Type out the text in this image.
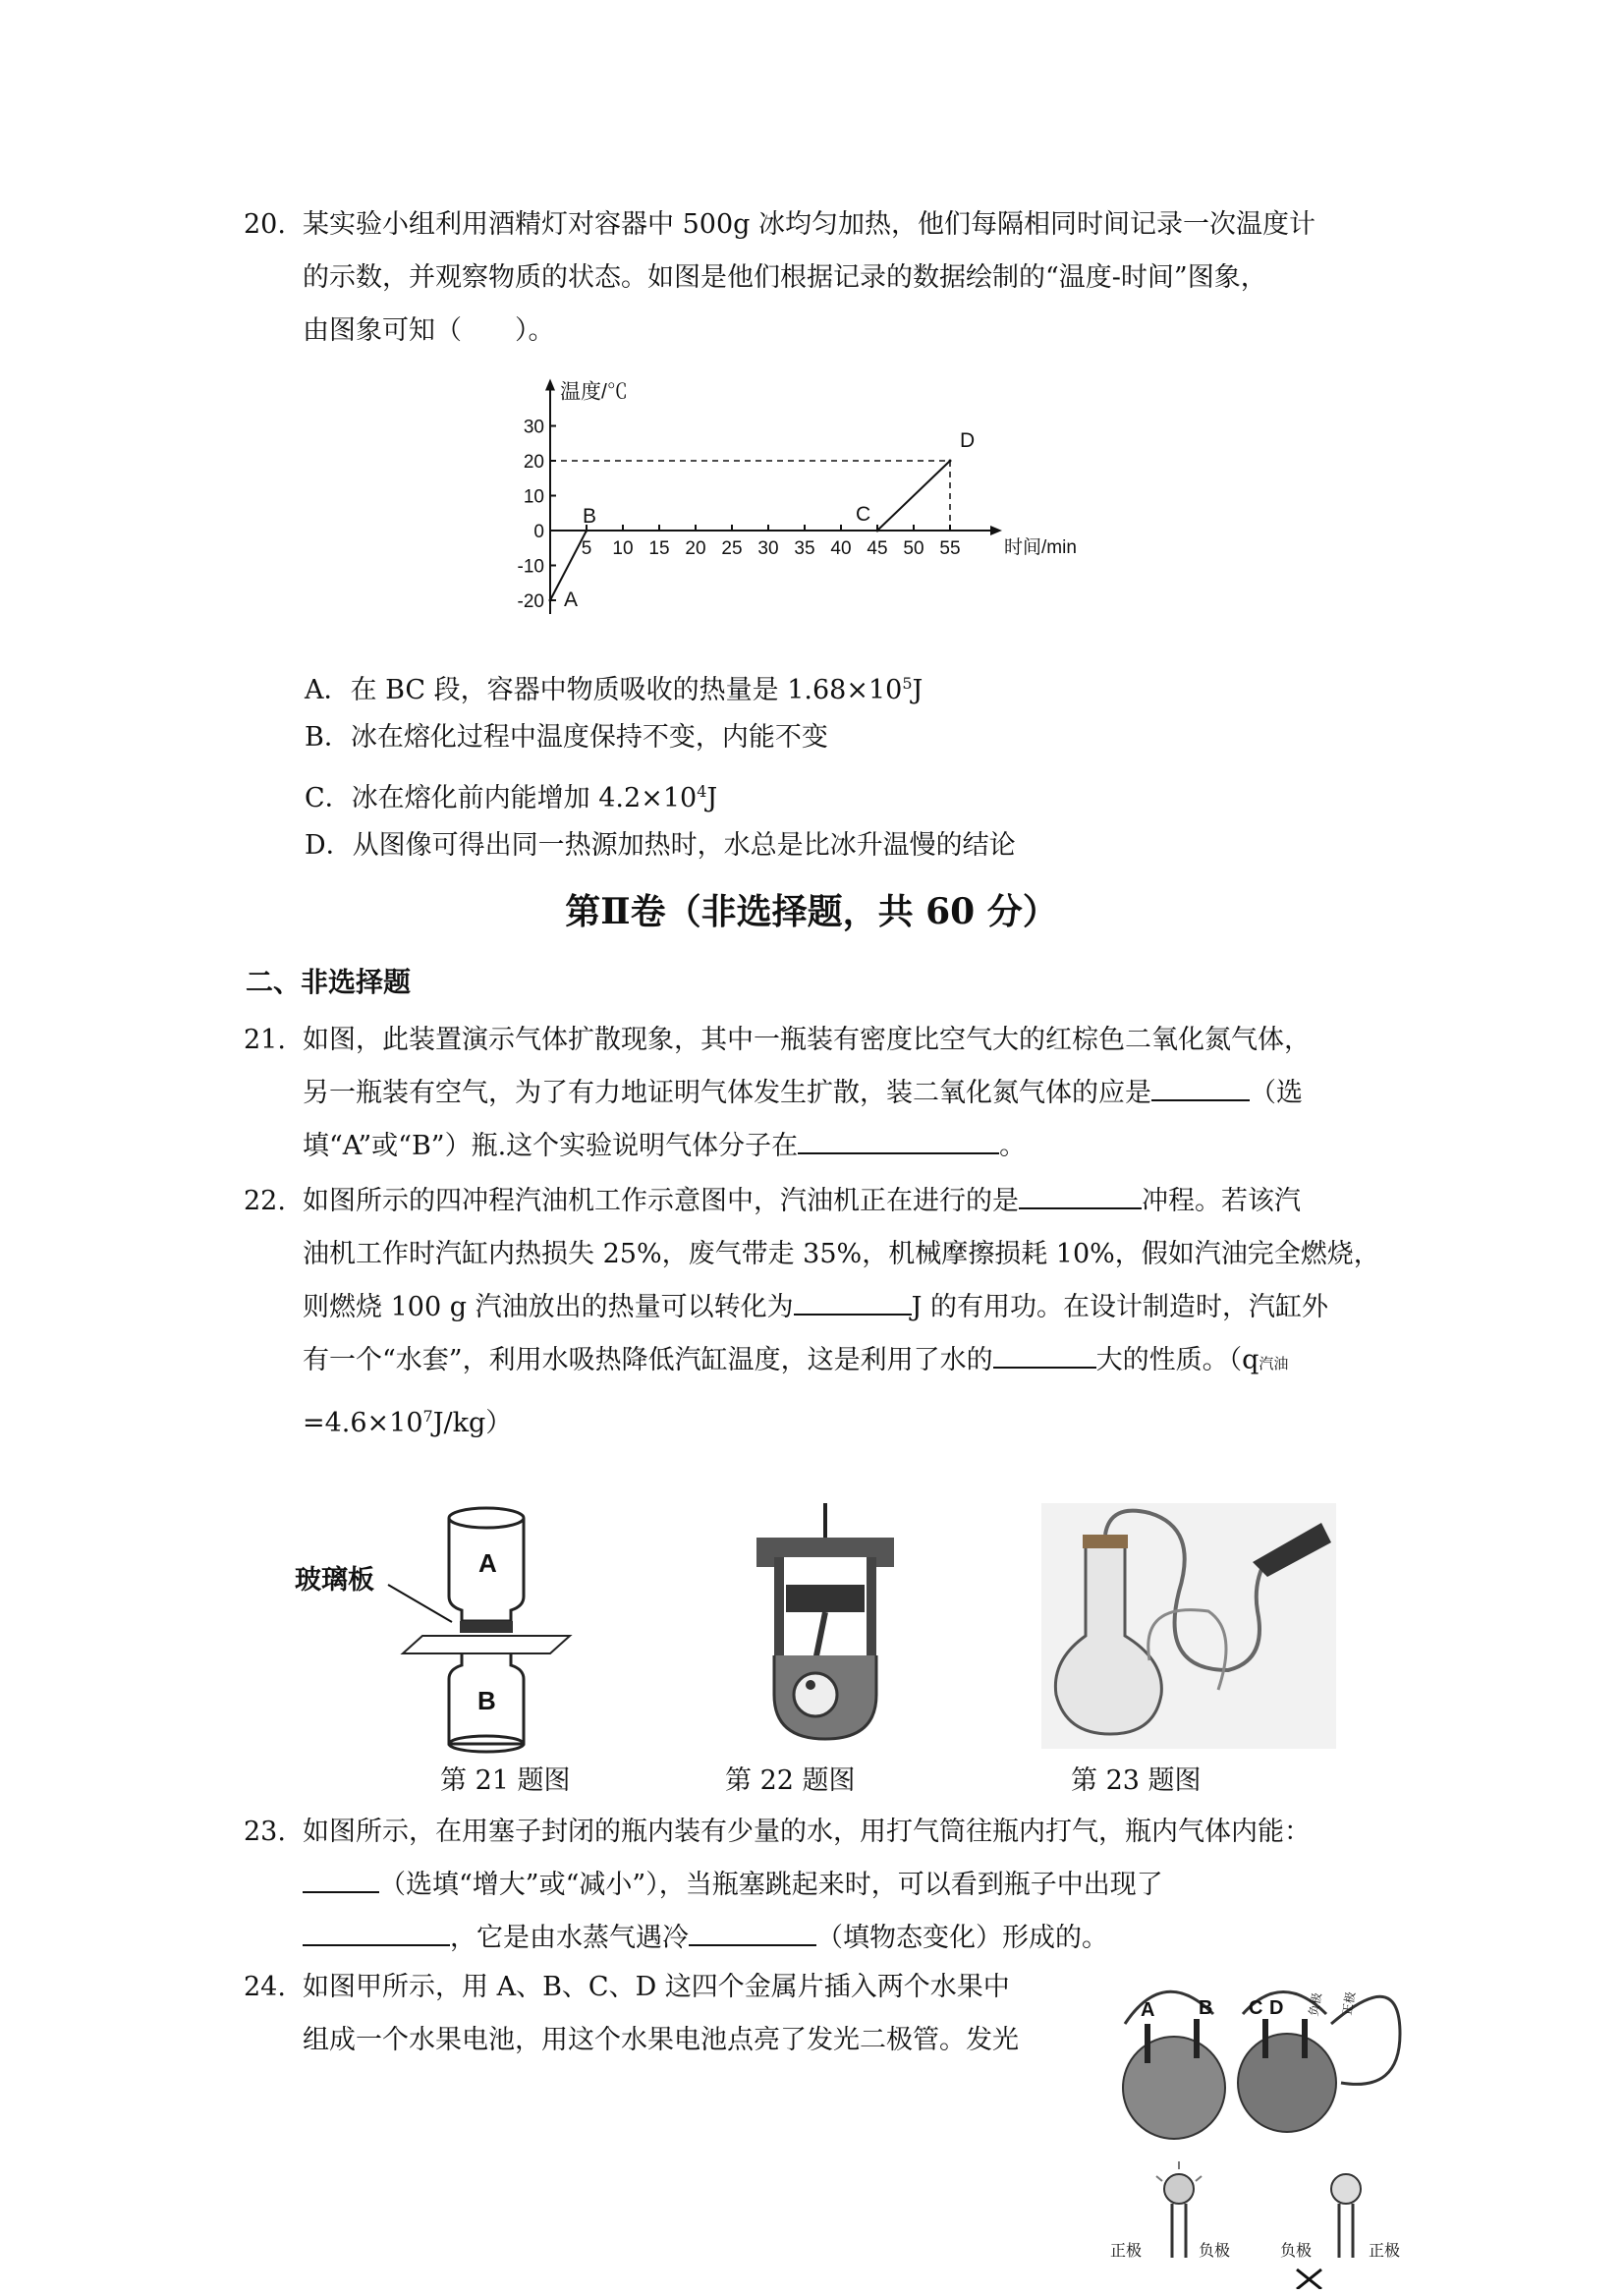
20. 某实验小组利用酒精灯对容器中 500g 冰均匀加热，他们每隔相同时间记录一次温度计
的示数，并观察物质的状态。如图是他们根据记录的数据绘制的“温度-时间”图象，
由图象可知（　　）。
温度/℃
时间/min
30
20
10
0
-10
-20
5 10 15 20 25 30 35 40 45 50 55
A
B	C
D
A．在 BC 段，容器中物质吸收的热量是 $1.68\times 10^5J$
B．冰在熔化过程中温度保持不变，内能不变
C．冰在熔化前内能增加 $4.2\times 10^4J$
D．从图像可得出同一热源加热时，水总是比冰升温慢的结论
第Ⅱ卷（非选择题，共 60 分）
二、非选择题
21. 如图，此装置演示气体扩散现象，其中一瓶装有密度比空气大的红棕色二氧化氮气体，
另一瓶装有空气，为了有力地证明气体发生扩散，装二氧化氮气体的应是	（选
填“A”或“B”）瓶.这个实验说明气体分子在	。
22. 如图所示的四冲程汽油机工作示意图中，汽油机正在进行的是	冲程。若该汽
油机工作时汽缸内热损失 25%，废气带走 35%，机械摩擦损耗 10%，假如汽油完全燃烧，
则燃烧 100 g 汽油放出的热量可以转化为	J 的有用功。在设计制造时，汽缸外
有一个“水套”，利用水吸热降低汽缸温度，这是利用了水的	大的性质。（q汽油
$=4.6\times 10^7J/kg$）
玻璃板
A
B
第 21 题图	第 22 题图	第 23 题图
23. 如图所示，在用塞子封闭的瓶内装有少量的水，用打气筒往瓶内打气，瓶内气体内能：
（选填“增大”或“减小”），当瓶塞跳起来时，可以看到瓶子中出现了
，它是由水蒸气遇冷	（填物态变化）形成的。
24. 如图甲所示，用 A、B、C、D 这四个金属片插入两个水果中
组成一个水果电池，用这个水果电池点亮了发光二极管。发光
A B C D 负极 正极
正极	负极	负极	正极
